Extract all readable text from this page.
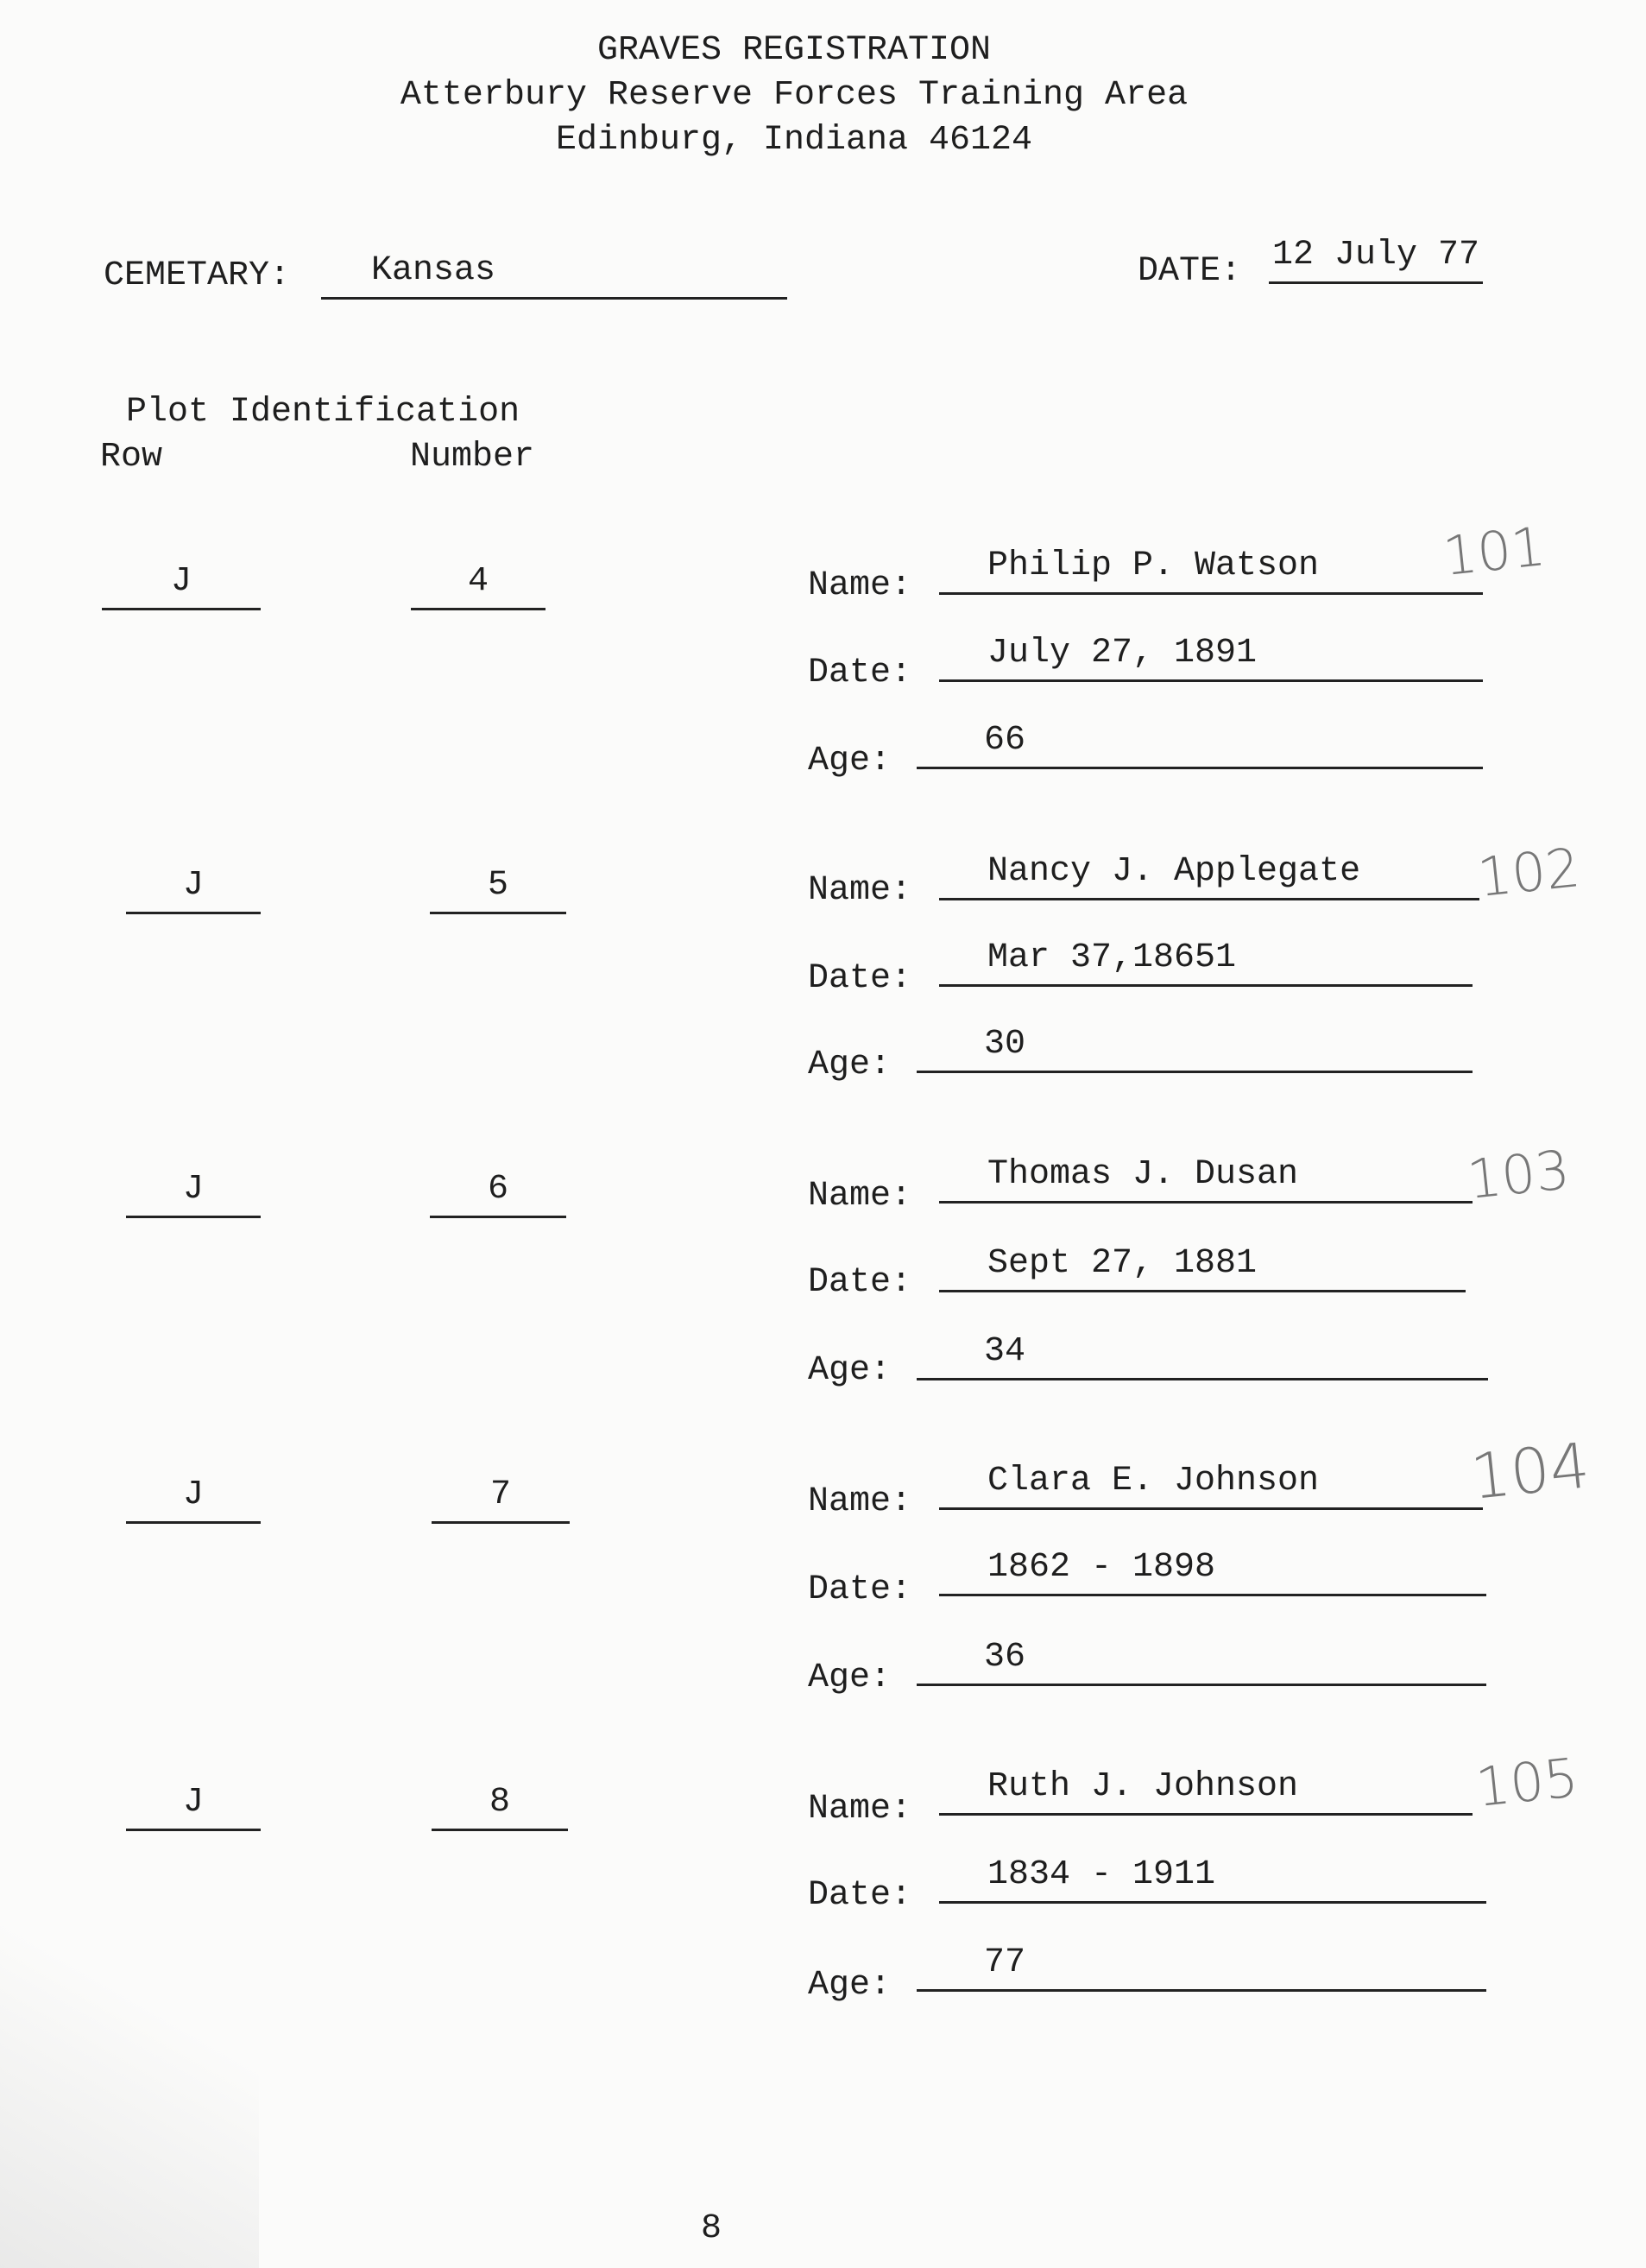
GRAVES REGISTRATION
Atterbury Reserve Forces Training Area
Edinburg, Indiana 46124
CEMETARY: Kansas	DATE: 12 July 77
Plot Identification
Row	Number
J	4	Name:
Philip P. Watson 101
Date:
July 27, 1891
Age:
66
J	5	Name: Nancy J. Applegate 102
Date:
Mar 37,18651
Age:
30
J	6	Name:
Thomas J. Dusan	103
Date: Sept 27, 1881
Age:	34
J	7	Name:
Clara E. Johnson 104
Date:
1862 - 1898
Age:
36
J	8	Name:
Ruth J. Johnson	105
Date:
1834 - 1911
Age:
77
8
